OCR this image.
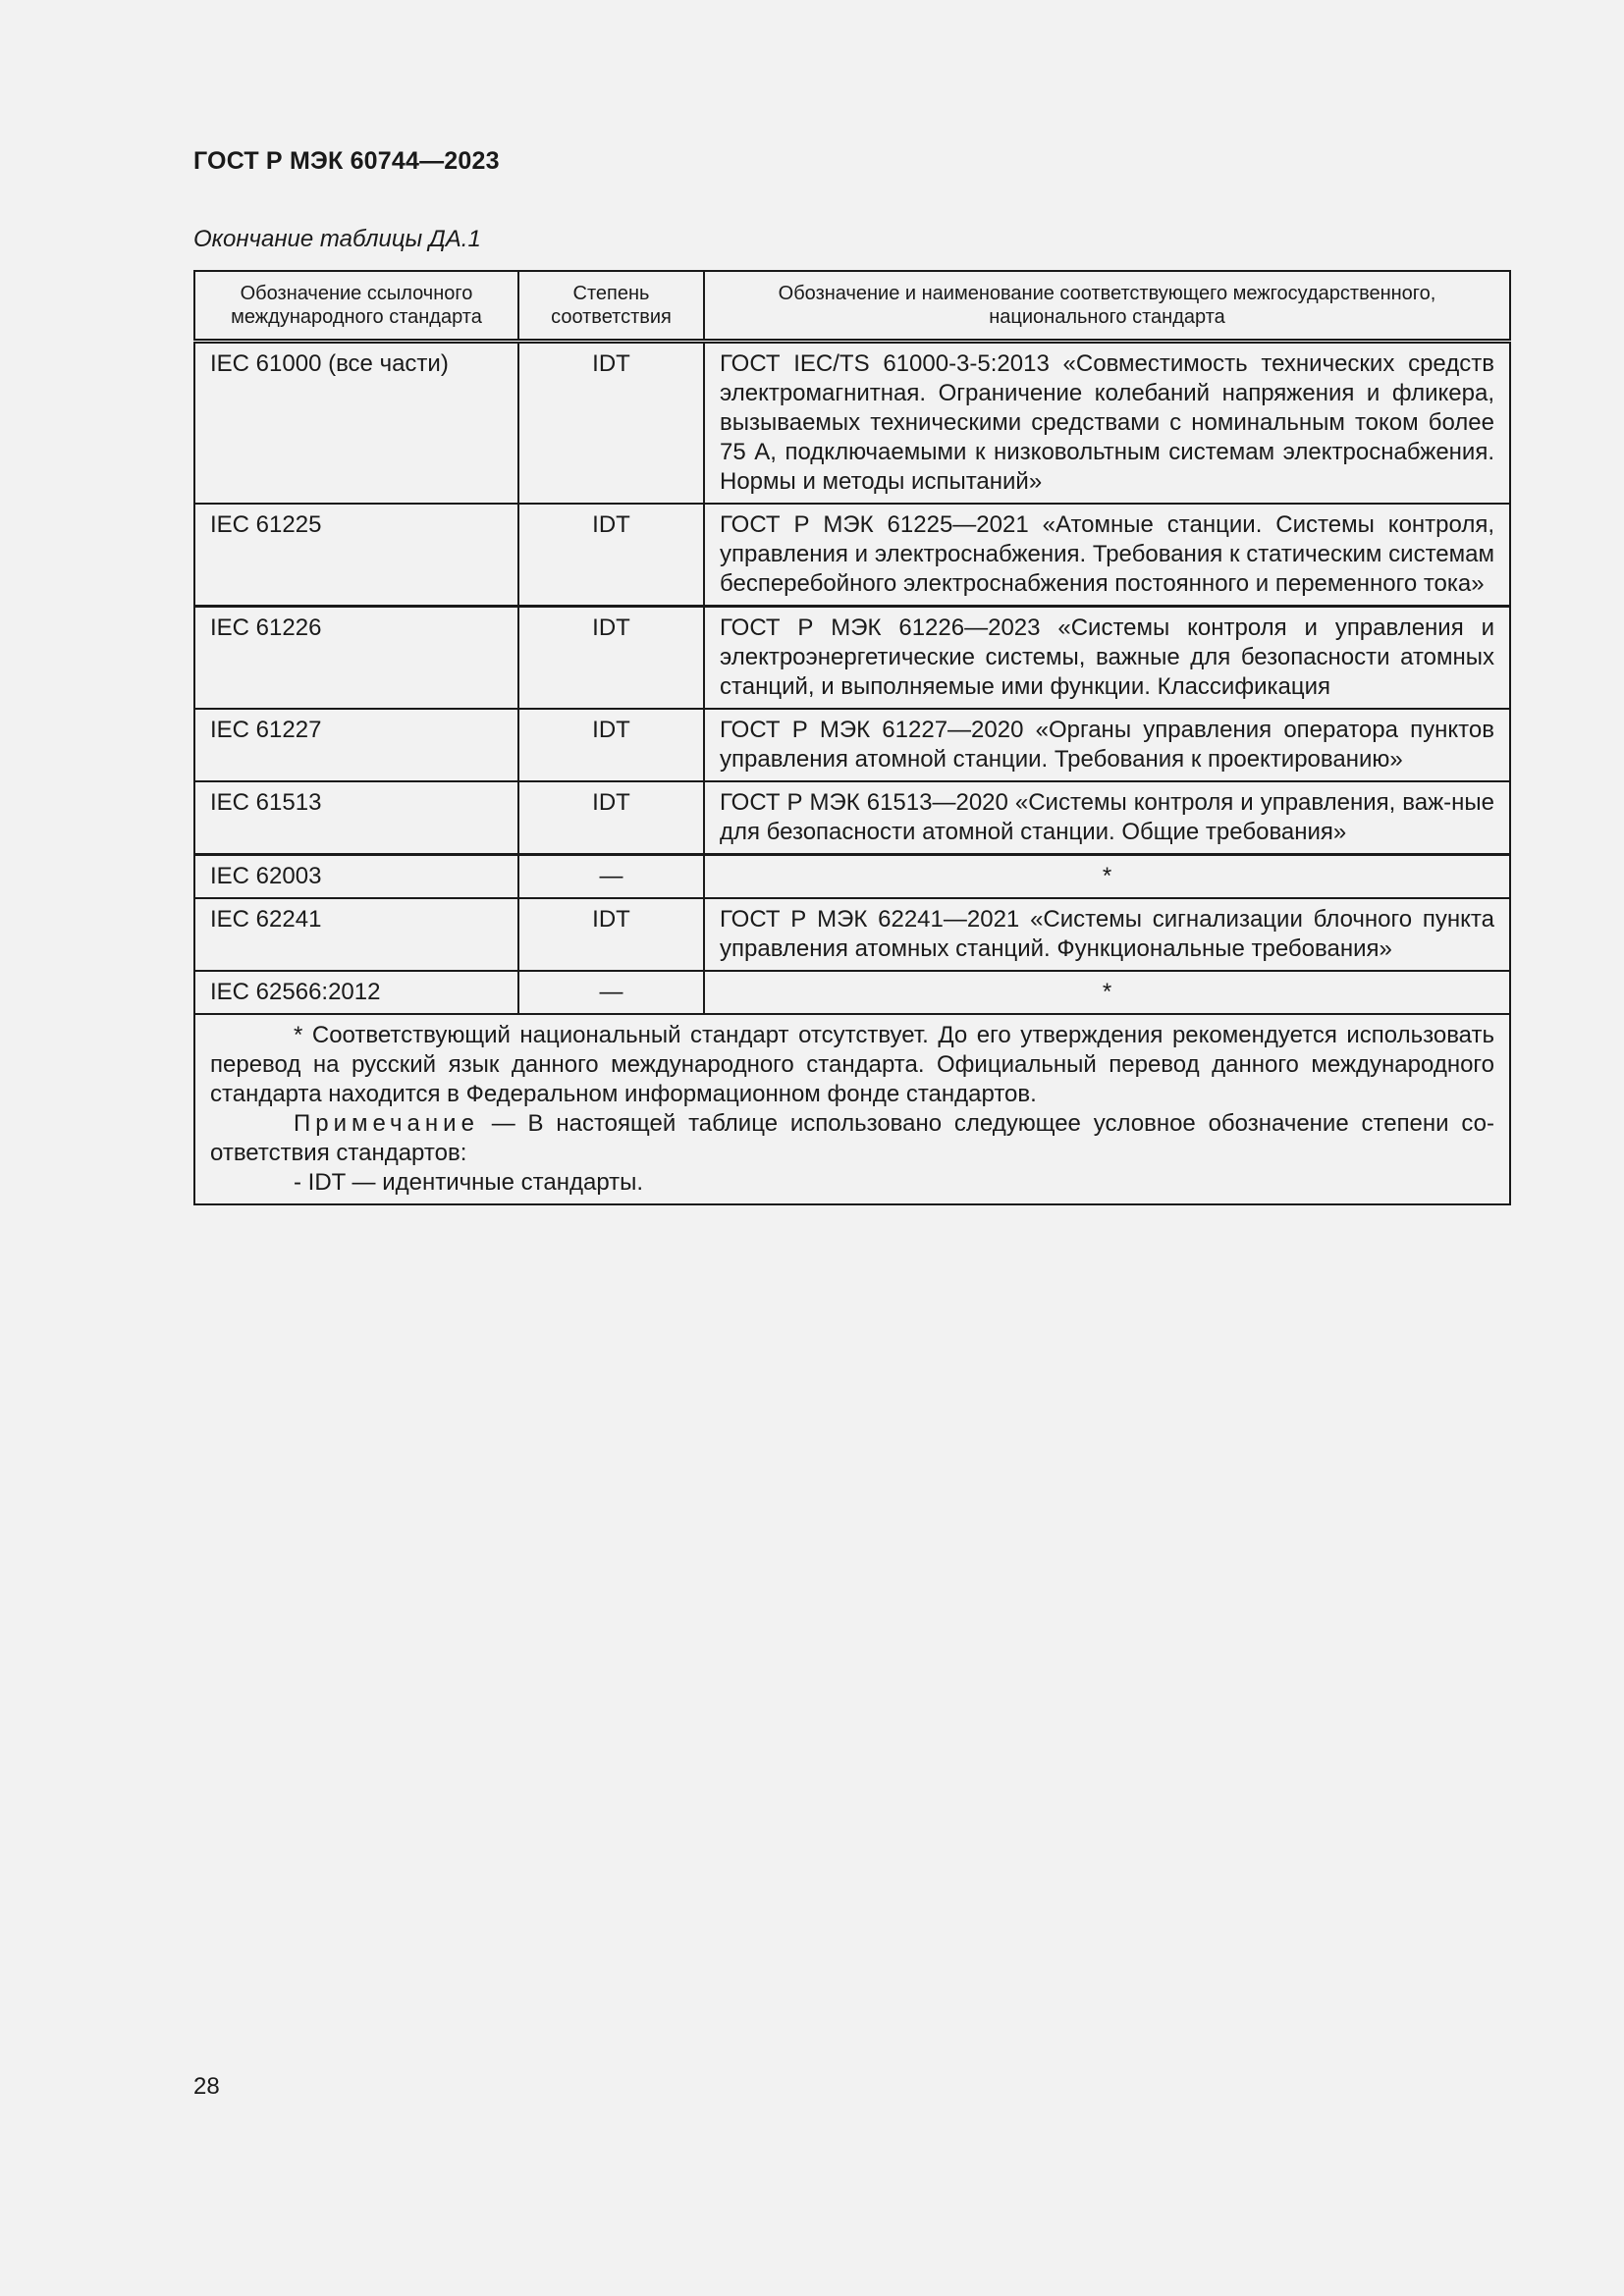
ГОСТ Р МЭК 60744—2023
Окончание таблицы ДА.1
Обозначение ссылочного международного стандарта	Степень соответствия	Обозначение и наименование соответствующего межгосударственного, национального стандарта
IEC 61000 (все части)	IDT	ГОСТ IEC/TS 61000-3-5:2013 «Совместимость технических средств электромагнитная. Ограничение колебаний напряжения и фликера, вызываемых техническими средствами с номинальным током более 75 А, подключаемыми к низковольтным системам электроснабжения. Нормы и методы испытаний»
IEC 61225	IDT	ГОСТ Р МЭК 61225—2021 «Атомные станции. Системы контроля, управления и электроснабжения. Требования к статическим системам бесперебойного электроснабжения постоянного и переменного тока»
IEC 61226	IDT	ГОСТ Р МЭК 61226—2023 «Системы контроля и управления и электроэнергетические системы, важные для безопасности атомных станций, и выполняемые ими функции. Классификация
IEC 61227	IDT	ГОСТ Р МЭК 61227—2020 «Органы управления оператора пунктов управления атомной станции. Требования к проектированию»
IEC 61513	IDT	ГОСТ Р МЭК 61513—2020 «Системы контроля и управления, важ-ные для безопасности атомной станции. Общие требования»
IEC 62003	—	*
IEC 62241	IDT	ГОСТ Р МЭК 62241—2021 «Системы сигнализации блочного пункта управления атомных станций. Функциональные требования»
IEC 62566:2012	—	*

* Соответствующий национальный стандарт отсутствует. До его утверждения рекомендуется использовать перевод на русский язык данного международного стандарта. Официальный перевод данного международного стандарта находится в Федеральном информационном фонде стандартов.

Примечание — В настоящей таблице использовано следующее условное обозначение степени со-ответствия стандартов:

- IDT — идентичные стандарты.		

28
